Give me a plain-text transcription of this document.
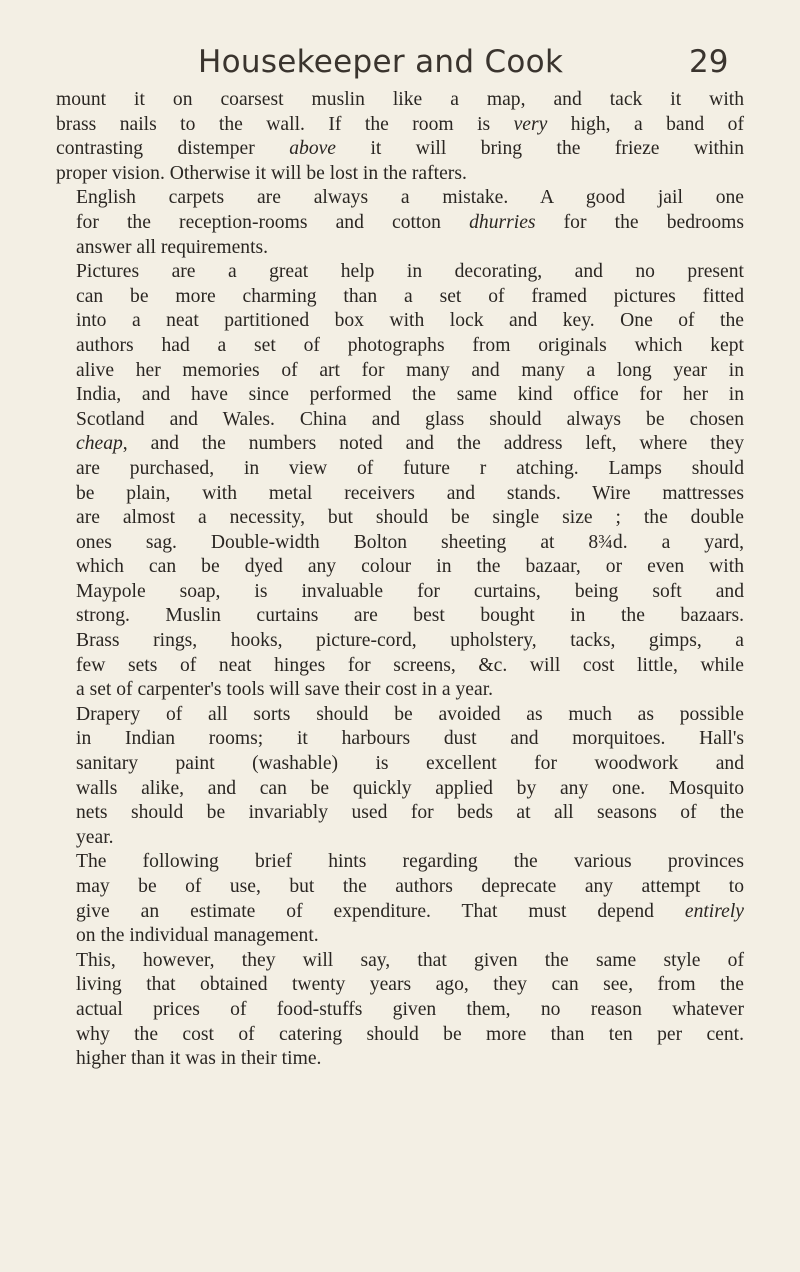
Housekeeper and Cook	29

mount it on coarsest muslin like a map, and tack it with
brass nails to the wall. If the room is very high, a band of
contrasting distemper above it will bring the frieze within
proper vision. Otherwise it will be lost in the rafters.

English carpets are always a mistake. A good jail one
for the reception-rooms and cotton dhurries for the bedrooms
answer all requirements.

Pictures are a great help in decorating, and no present
can be more charming than a set of framed pictures fitted
into a neat partitioned box with lock and key. One of the
authors had a set of photographs from originals which kept
alive her memories of art for many and many a long year in
India, and have since performed the same kind office for her in
Scotland and Wales. China and glass should always be chosen
cheap, and the numbers noted and the address left, where they
are purchased, in view of future r atching. Lamps should
be plain, with metal receivers and stands. Wire mattresses
are almost a necessity, but should be single size ; the double
ones sag. Double-width Bolton sheeting at 8¾d. a yard,
which can be dyed any colour in the bazaar, or even with
Maypole soap, is invaluable for curtains, being soft and
strong. Muslin curtains are best bought in the bazaars.
Brass rings, hooks, picture-cord, upholstery, tacks, gimps, a
few sets of neat hinges for screens, &c. will cost little, while
a set of carpenter's tools will save their cost in a year.

Drapery of all sorts should be avoided as much as possible
in Indian rooms; it harbours dust and morquitoes. Hall's
sanitary paint (washable) is excellent for woodwork and
walls alike, and can be quickly applied by any one. Mosquito
nets should be invariably used for beds at all seasons of the
year.

The following brief hints regarding the various provinces
may be of use, but the authors deprecate any attempt to
give an estimate of expenditure. That must depend entirely
on the individual management.

This, however, they will say, that given the same style of
living that obtained twenty years ago, they can see, from the
actual prices of food-stuffs given them, no reason whatever
why the cost of catering should be more than ten per cent.
higher than it was in their time.
